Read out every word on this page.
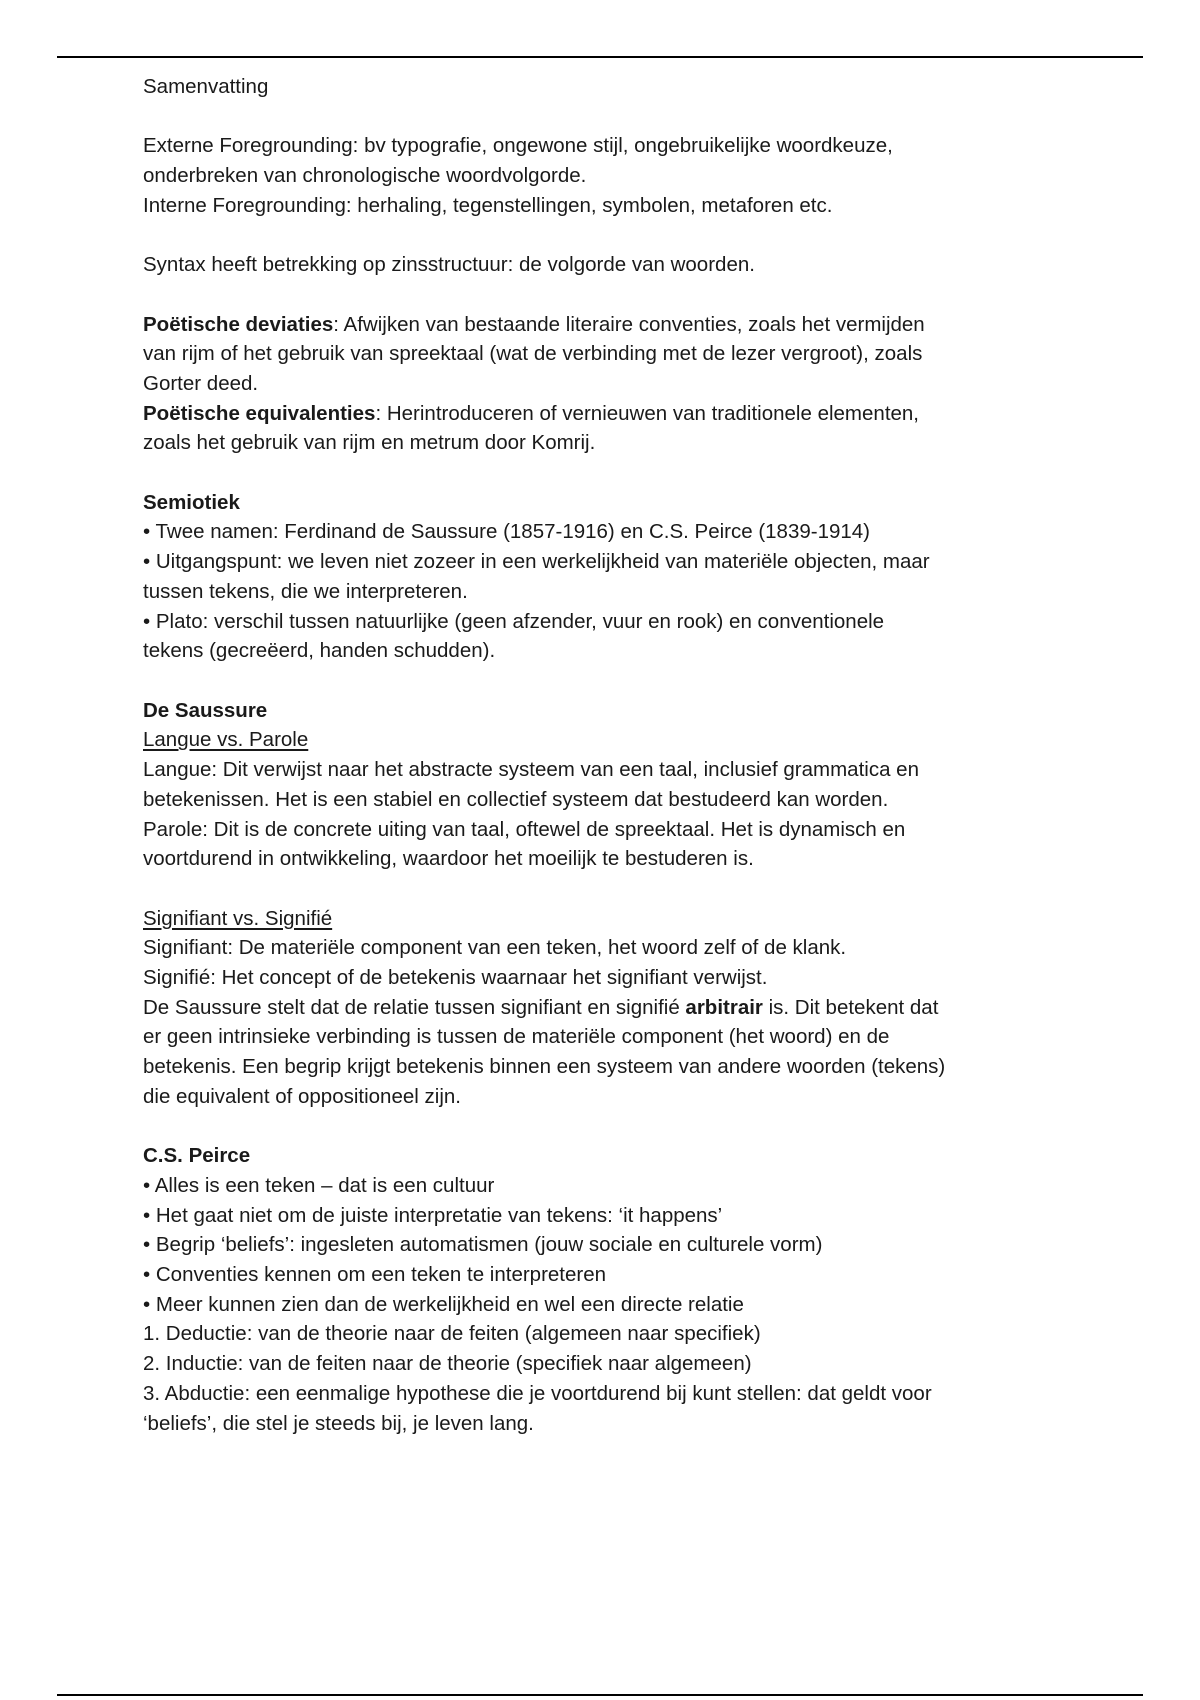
Samenvatting

Externe Foregrounding: bv typografie, ongewone stijl, ongebruikelijke woordkeuze,

onderbreken van chronologische woordvolgorde.

Interne Foregrounding: herhaling, tegenstellingen, symbolen, metaforen etc.

Syntax heeft betrekking op zinsstructuur: de volgorde van woorden.

Poëtische deviaties: Afwijken van bestaande literaire conventies, zoals het vermijden

van rijm of het gebruik van spreektaal (wat de verbinding met de lezer vergroot), zoals

Gorter deed.

Poëtische equivalenties: Herintroduceren of vernieuwen van traditionele elementen,

zoals het gebruik van rijm en metrum door Komrij.

Semiotiek

• Twee namen: Ferdinand de Saussure (1857-1916) en C.S. Peirce (1839-1914)

• Uitgangspunt: we leven niet zozeer in een werkelijkheid van materiële objecten, maar

tussen tekens, die we interpreteren.

• Plato: verschil tussen natuurlijke (geen afzender, vuur en rook) en conventionele

tekens (gecreëerd, handen schudden).

De Saussure

Langue vs. Parole

Langue: Dit verwijst naar het abstracte systeem van een taal, inclusief grammatica en

betekenissen. Het is een stabiel en collectief systeem dat bestudeerd kan worden.

Parole: Dit is de concrete uiting van taal, oftewel de spreektaal. Het is dynamisch en

voortdurend in ontwikkeling, waardoor het moeilijk te bestuderen is.

Signifiant vs. Signifié

Signifiant: De materiële component van een teken, het woord zelf of de klank.

Signifié: Het concept of de betekenis waarnaar het signifiant verwijst.

De Saussure stelt dat de relatie tussen signifiant en signifié arbitrair is. Dit betekent dat

er geen intrinsieke verbinding is tussen de materiële component (het woord) en de

betekenis. Een begrip krijgt betekenis binnen een systeem van andere woorden (tekens)

die equivalent of oppositioneel zijn.

C.S. Peirce

• Alles is een teken – dat is een cultuur

• Het gaat niet om de juiste interpretatie van tekens: ‘it happens’

• Begrip ‘beliefs’: ingesleten automatismen (jouw sociale en culturele vorm)

• Conventies kennen om een teken te interpreteren

• Meer kunnen zien dan de werkelijkheid en wel een directe relatie

1. Deductie: van de theorie naar de feiten (algemeen naar specifiek)

2. Inductie: van de feiten naar de theorie (specifiek naar algemeen)

3. Abductie: een eenmalige hypothese die je voortdurend bij kunt stellen: dat geldt voor

‘beliefs’, die stel je steeds bij, je leven lang.
